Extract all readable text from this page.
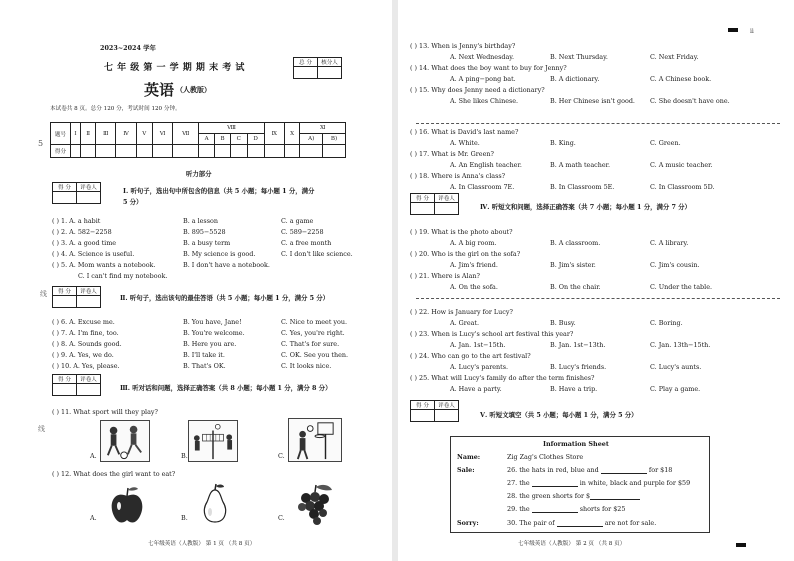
2023~2024 学年
七 年 级 第 一 学 期 期 末 考 试
英语 （人教版）
总 分	核分人

本试卷共 8 页。总分 120 分，考试时间 120 分钟。
题号	Ⅰ	Ⅱ	Ⅲ	Ⅳ	Ⅴ	Ⅵ	Ⅶ	Ⅷ				Ⅸ	Ⅹ	Ⅺ	
								A	B	C	D			A)	B)
得分															
听力部分
得 分	评卷人
		Ⅰ. 听句子，选出句中所包含的信息（共 5 小题；每小题 1 分，满分
5 分）
C. I can't find my notebook.
得 分	评卷人

Ⅱ. 听句子，选出该句的最佳答语（共 5 小题；每小题 1 分，满分 5 分）
得 分	评卷人

Ⅲ. 听对话和问题，选择正确答案（共 8 小题；每小题 1 分，满分 8 分）
( ) 11. What sport will they play?
A.	B.	C.
( ) 12. What does the girl want to eat?
A.	B.	C.
七年级英语（人教版） 第 1 页 （共 8 页）
5
线
线
( ) 1. A. a habit	B. a lesson	C. a game
( ) 2. A. 582−2258	B. 895−5528	C. 589−2258
( ) 3. A. a good time	B. a busy term	C. a free month
( ) 4. A. Science is useful.	B. My science is good.	C. I don't like science.
( ) 5. A. Mom wants a notebook.	B. I don't have a notebook.
( ) 6. A. Excuse me.	B. You have, Jane!	C. Nice to meet you.
( ) 7. A. I'm fine, too.	B. You're welcome.	C. Yes, you're right.
( ) 8. A. Sounds good.	B. Here you are.	C. That's for sure.
( ) 9. A. Yes, we do.	B. I'll take it.	C. OK. See you then.
( ) 10. A. Yes, please.	B. That's OK.	C. It looks nice.
得 分	评卷人

Ⅳ. 听短文和问题，选择正确答案（共 7 小题；每小题 1 分，满分 7 分）
得 分	评卷人

Ⅴ. 听短文填空（共 5 小题；每小题 1 分，满分 5 分）
Information Sheet
Name:	Zig Zag's Clothes Store
Sale:	26. the hats in red, blue and	for $18
27. the	in white, black and purple for $59
28. the green shorts for $
29. the	shorts for $25
Sorry:	30. The pair of	are not for sale.
七年级英语（人教版） 第 2 页 （共 8 页）
ii
( ) 13. When is Jenny's birthday?
A. Next Wednesday.	B. Next Thursday.	C. Next Friday.
( ) 14. What does the boy want to buy for Jenny?
A. A ping−pong bat.	B. A dictionary.	C. A Chinese book.
( ) 15. Why does Jenny need a dictionary?
A. She likes Chinese.	B. Her Chinese isn't good. C. She doesn't have one.
( ) 16. What is David's last name?
A. White.	B. King.	C. Green.
( ) 17. What is Mr. Green?
A. An English teacher.	B. A math teacher.	C. A music teacher.
( ) 18. Where is Anna's class?
A. In Classroom 7E.	B. In Classroom 5E.	C. In Classroom 5D.
( ) 19. What is the photo about?
A. A big room.	B. A classroom.	C. A library.
( ) 20. Who is the girl on the sofa?
A. Jim's friend.	B. Jim's sister.	C. Jim's cousin.
( ) 21. Where is Alan?
A. On the sofa.	B. On the chair.	C. Under the table.
( ) 22. How is January for Lucy?
A. Great.	B. Busy.	C. Boring.
( ) 23. When is Lucy's school art festival this year?
A. Jan. 1st−15th.	B. Jan. 1st−13th.	C. Jan. 13th−15th.
( ) 24. Who can go to the art festival?
A. Lucy's parents.	B. Lucy's friends.	C. Lucy's aunts.
( ) 25. What will Lucy's family do after the term finishes?
A. Have a party.	B. Have a trip.	C. Play a game.
